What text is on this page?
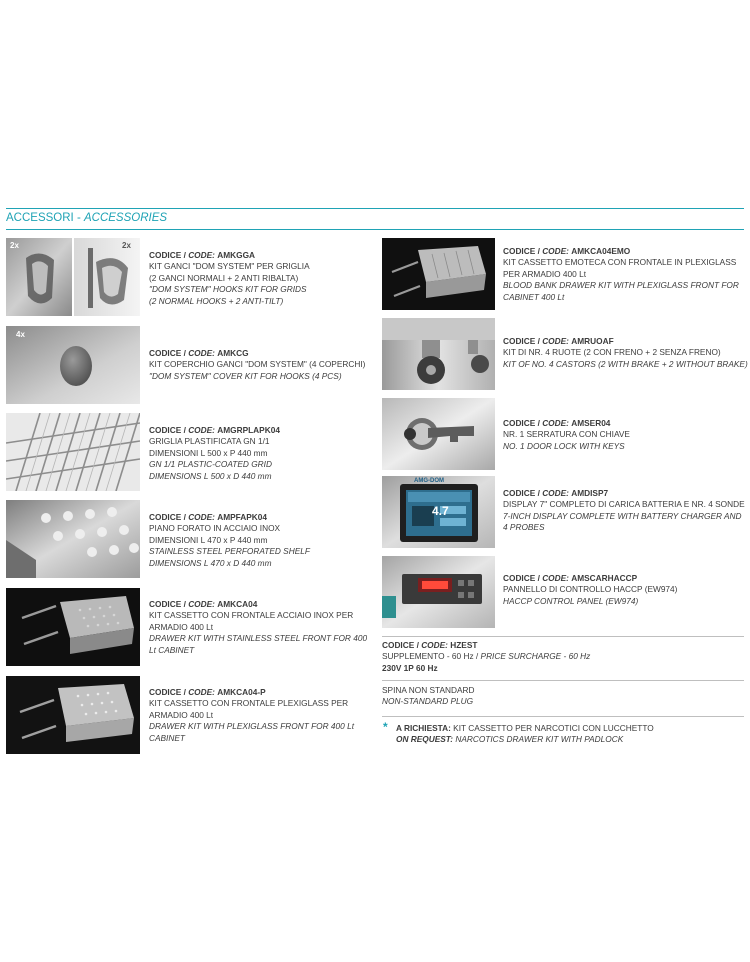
ACCESSORI - ACCESSORIES
2x	2x
4x
CODICE / CODE: AMKGGA
KIT GANCI "DOM SYSTEM" PER GRIGLIA
(2 GANCI NORMALI + 2 ANTI RIBALTA)
"DOM SYSTEM" HOOKS KIT FOR GRIDS
(2 NORMAL HOOKS + 2 ANTI-TILT)
CODICE / CODE: AMKCG
KIT COPERCHIO GANCI "DOM SYSTEM" (4 COPERCHI)
"DOM SYSTEM" COVER KIT FOR HOOKS (4 PCS)
CODICE / CODE: AMGRPLAPK04
GRIGLIA PLASTIFICATA GN 1/1
DIMENSIONI L 500 x P 440 mm
GN 1/1 PLASTIC-COATED GRID
DIMENSIONS L 500 x D 440 mm
CODICE / CODE: AMPFAPK04
PIANO FORATO IN ACCIAIO INOX
DIMENSIONI L 470 x P 440 mm
STAINLESS STEEL PERFORATED SHELF
DIMENSIONS L 470 x D 440 mm
CODICE / CODE: AMKCA04
KIT CASSETTO CON FRONTALE ACCIAIO INOX PER
ARMADIO 400 Lt
DRAWER KIT WITH STAINLESS STEEL FRONT FOR 400
Lt CABINET
CODICE / CODE: AMKCA04-P
KIT CASSETTO CON FRONTALE PLEXIGLASS PER
ARMADIO 400 Lt
DRAWER KIT WITH PLEXIGLASS FRONT FOR 400 Lt
CABINET
AMG-DOM
4.7
CODICE / CODE: AMKCA04EMO
KIT CASSETTO EMOTECA CON FRONTALE IN PLEXIGLASS
PER ARMADIO 400 Lt
BLOOD BANK DRAWER KIT WITH PLEXIGLASS FRONT FOR
CABINET 400 Lt
CODICE / CODE: AMRUOAF
KIT DI NR. 4 RUOTE (2 CON FRENO + 2 SENZA FRENO)
KIT OF NO. 4 CASTORS (2 WITH BRAKE + 2 WITHOUT BRAKE)
CODICE / CODE: AMSER04
NR. 1 SERRATURA CON CHIAVE
NO. 1 DOOR LOCK WITH KEYS
CODICE / CODE: AMDISP7
DISPLAY 7" COMPLETO DI CARICA BATTERIA E NR. 4 SONDE
7-INCH DISPLAY COMPLETE WITH BATTERY CHARGER AND
4 PROBES
CODICE / CODE: AMSCARHACCP
PANNELLO DI CONTROLLO HACCP (EW974)
HACCP CONTROL PANEL (EW974)
CODICE / CODE: HZEST
SUPPLEMENTO - 60 Hz / PRICE SURCHARGE - 60 Hz
230V 1P 60 Hz
SPINA NON STANDARD
NON-STANDARD PLUG
* A RICHIESTA: KIT CASSETTO PER NARCOTICI CON LUCCHETTO
ON REQUEST: NARCOTICS DRAWER KIT WITH PADLOCK
